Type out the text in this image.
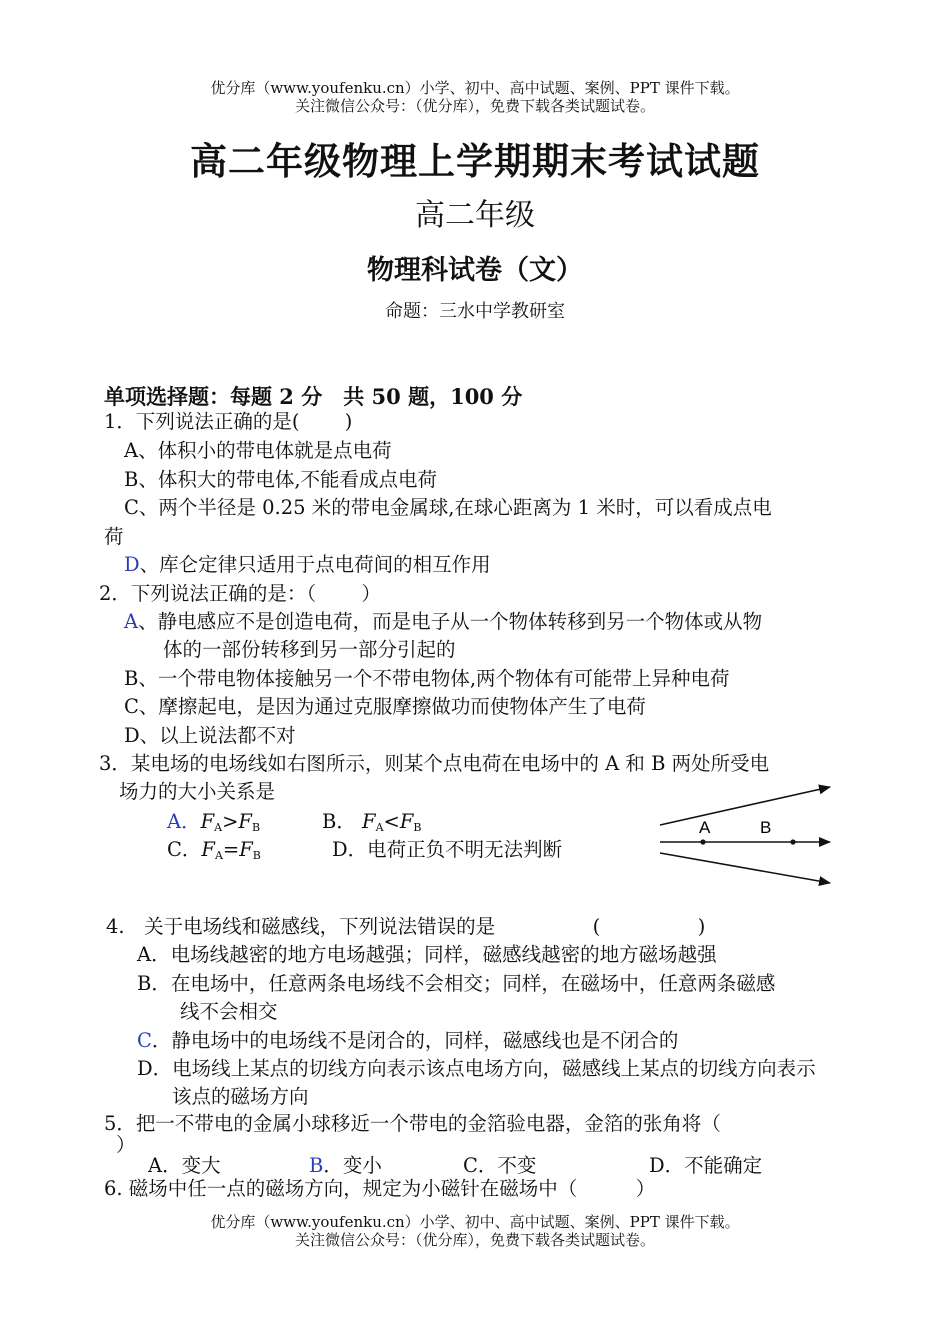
优分库（www.youfenku.cn）小学、初中、高中试题、案例、PPT 课件下载。
关注微信公众号：（优分库），免费下载各类试题试卷。
高二年级物理上学期期末考试试题
高二年级
物理科试卷（文）
命题：三水中学教研室
单项选择题：每题 2 分　共 50 题，100 分
1．下列说法正确的是(　　 )
A、体积小的带电体就是点电荷
B、体积大的带电体,不能看成点电荷
C、两个半径是 0.25 米的带电金属球,在球心距离为 1 米时，可以看成点电
荷
D、库仑定律只适用于点电荷间的相互作用
2．下列说法正确的是：（　　 ）
A、静电感应不是创造电荷，而是电子从一个物体转移到另一个物体或从物
体的一部份转移到另一部分引起的
B、一个带电物体接触另一个不带电物体,两个物体有可能带上异种电荷
C、摩擦起电，是因为通过克服摩擦做功而使物体产生了电荷
D、以上说法都不对
3．某电场的电场线如右图所示，则某个点电荷在电场中的 A 和 B 两处所受电
场力的大小关系是
A．$F_A>F_B$	B． $F_A<F_B$
C．$F_A=F_B$	D．电荷正负不明无法判断
A	B
4.　关于电场线和磁感线，下列说法错误的是　　　　　(　　　　　)
A．电场线越密的地方电场越强；同样，磁感线越密的地方磁场越强
B．在电场中，任意两条电场线不会相交；同样，在磁场中，任意两条磁感
线不会相交
C．静电场中的电场线不是闭合的，同样，磁感线也是不闭合的
D．电场线上某点的切线方向表示该点电场方向，磁感线上某点的切线方向表示
该点的磁场方向
5．把一不带电的金属小球移近一个带电的金箔验电器，金箔的张角将（
）
A．变大	B．变小	C．不变	D．不能确定
6. 磁场中任一点的磁场方向，规定为小磁针在磁场中（　　　）
优分库（www.youfenku.cn）小学、初中、高中试题、案例、PPT 课件下载。
关注微信公众号：（优分库），免费下载各类试题试卷。
